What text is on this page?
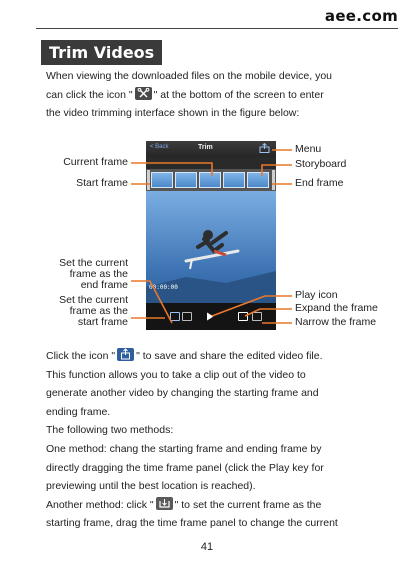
aee.com
Trim Videos
When viewing the downloaded files on the mobile device, you
can click the icon " " at the bottom of the screen to enter
the video trimming interface shown in the figure below:
< Back	Trim
00:00:00
Current frame
Start frame
Set the current
frame as the
end frame
Set the current
frame as the
start frame
Menu
Storyboard
End frame
Play icon
Expand the frame
Narrow the frame
Click the icon " " to save and share the edited video file.
This function allows you to take a clip out of the video to
generate another video by changing the starting frame and
ending frame.
The following two methods:
One method: chang the starting frame and ending frame by
directly dragging the time frame panel (click the Play key for
previewing until the best location is reached).
Another method: click " " to set the current frame as the
starting frame, drag the time frame panel to change the current
41
